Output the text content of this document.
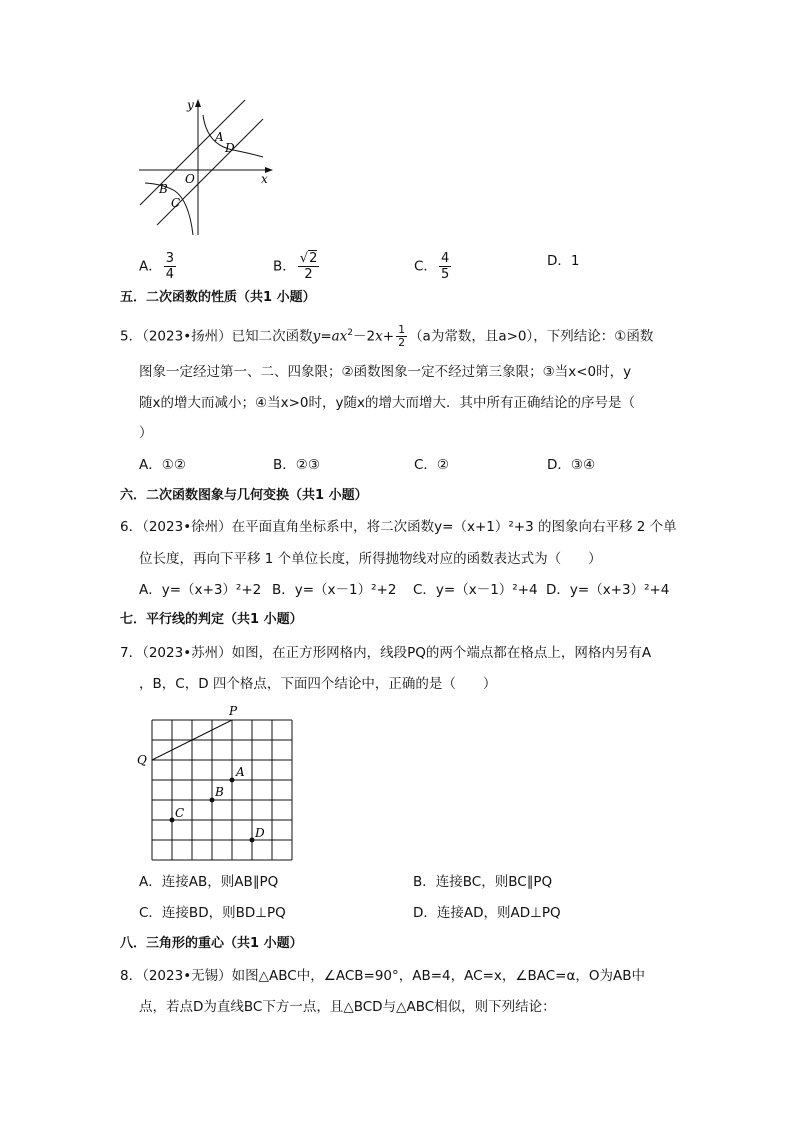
y
x
O
A
D
B
C
A． $\frac{3}{4}$	B． $\frac{√2}{2}$	C． $\frac{4}{5}$	D．1
五．二次函数的性质（共1 小题）
5．（2023•扬州）已知二次函数$y=ax^2-2x+ \frac{1}{2} (a$为常数，且a>0），下列结论：①函数
图象一定经过第一、二、四象限；②函数图象一定不经过第三象限；③当x<0时，y
随x的增大而减小；④当x>0时，y随x的增大而增大．其中所有正确结论的序号是（
）
A．①②	B．②③	C．②	D．③④
六．二次函数图象与几何变换（共1 小题）
6．（2023•徐州）在平面直角坐标系中，将二次函数y=（x+1）²+3 的图象向右平移 2 个单
位长度，再向下平移 1 个单位长度，所得抛物线对应的函数表达式为（　　）
A．y=（x+3）²+2 B．y=（x－1）²+2 C．y=（x－1）²+4 D．y=（x+3）²+4
七．平行线的判定（共1 小题）
7．（2023•苏州）如图，在正方形网格内，线段PQ的两个端点都在格点上，网格内另有A
，B，C，D 四个格点，下面四个结论中，正确的是（　　）
P
Q
A
B
C
D
A．连接AB，则AB∥PQ	B．连接BC，则BC∥PQ
C．连接BD，则BD⊥PQ	D．连接AD，则AD⊥PQ
八．三角形的重心（共1 小题）
8．（2023•无锡）如图△ABC中，∠ACB=90°，AB=4，AC=x，∠BAC=α，O为AB中
点，若点D为直线BC下方一点，且△BCD与△ABC相似，则下列结论：
